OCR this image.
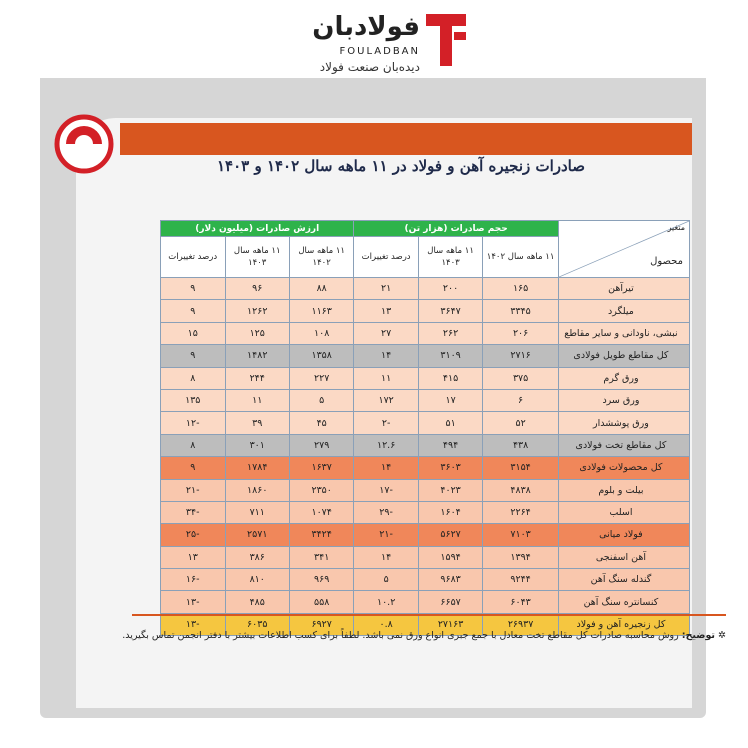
فولادبان
FOULADBAN
دیده‌بان صنعت فولاد
صادرات زنجیره آهن و فولاد در ۱۱ ماهه سال ۱۴۰۲ و ۱۴۰۳
متغیر
محصول	حجم صادرات (هزار تن)			ارزش صادرات (میلیون دلار)		
	۱۱ ماهه سال ۱۴۰۲	۱۱ ماهه سال ۱۴۰۳	درصد تغییرات	۱۱ ماهه سال ۱۴۰۲	۱۱ ماهه سال ۱۴۰۳	درصد تغییرات
تیرآهن	۱۶۵	۲۰۰	۲۱	۸۸	۹۶	۹
میلگرد	۳۳۴۵	۳۶۴۷	۱۳	۱۱۶۳	۱۲۶۲	۹
نبشی، ناودانی و سایر مقاطع	۲۰۶	۲۶۲	۲۷	۱۰۸	۱۲۵	۱۵
کل مقاطع طویل فولادی	۲۷۱۶	۳۱۰۹	۱۴	۱۳۵۸	۱۴۸۲	۹
ورق گرم	۳۷۵	۴۱۵	۱۱	۲۲۷	۲۴۴	۸
ورق سرد	۶	۱۷	۱۷۲	۵	۱۱	۱۳۵
ورق پوششدار	۵۲	۵۱	-۲	۴۵	۳۹	-۱۲
کل مقاطع تخت فولادی	۴۳۸	۴۹۴	۱۲.۶	۲۷۹	۳۰۱	۸
کل محصولات فولادی	۳۱۵۴	۳۶۰۳	۱۴	۱۶۳۷	۱۷۸۴	۹
بیلت و بلوم	۴۸۳۸	۴۰۲۳	-۱۷	۲۳۵۰	۱۸۶۰	-۲۱
اسلب	۲۲۶۴	۱۶۰۴	-۲۹	۱۰۷۴	۷۱۱	-۳۴
فولاد میانی	۷۱۰۳	۵۶۲۷	-۲۱	۳۴۲۴	۲۵۷۱	-۲۵
آهن اسفنجی	۱۳۹۴	۱۵۹۴	۱۴	۳۴۱	۳۸۶	۱۳
گندله سنگ آهن	۹۲۴۴	۹۶۸۳	۵	۹۶۹	۸۱۰	-۱۶
کنسانتره سنگ آهن	۶۰۴۳	۶۶۵۷	۱۰.۲	۵۵۸	۴۸۵	-۱۳
کل زنجیره آهن و فولاد	۲۶۹۳۷	۲۷۱۶۳	۰.۸	۶۹۲۷	۶۰۳۵	-۱۳
✲ توضیح: روش محاسبه صادرات کل مقاطع تخت معادل با جمع جبری انواع ورق نمی باشد. لطفاً برای کسب اطلاعات بیشتر با دفتر انجمن تماس بگیرید.
